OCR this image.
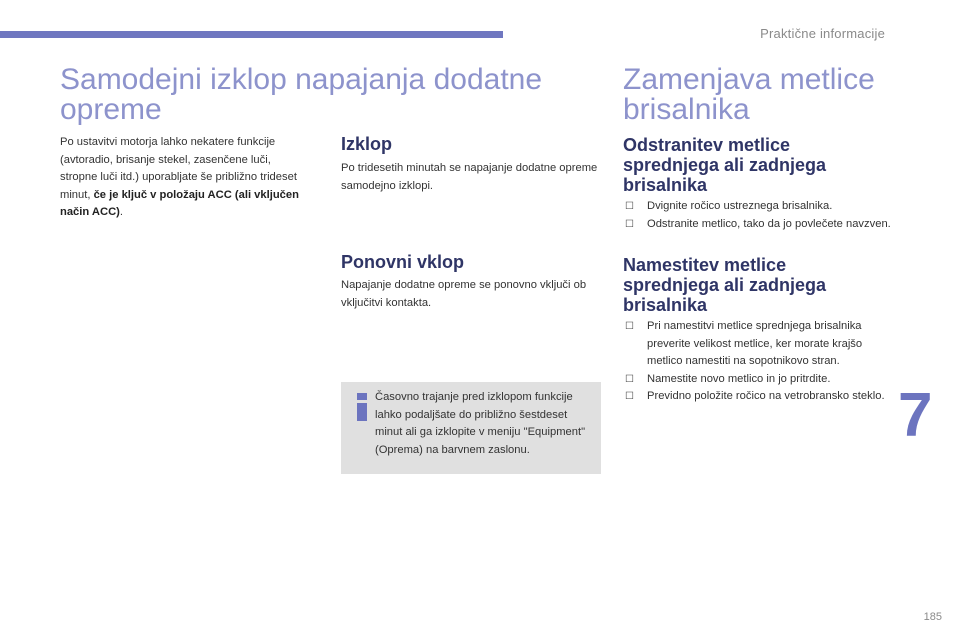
Praktične informacije
Samodejni izklop napajanja dodatne opreme
Po ustavitvi motorja lahko nekatere funkcije (avtoradio, brisanje stekel, zasenčene luči, stropne luči itd.) uporabljate še približno trideset minut, če je ključ v položaju ACC (ali vključen način ACC).
Izklop
Po tridesetih minutah se napajanje dodatne opreme samodejno izklopi.
Ponovni vklop
Napajanje dodatne opreme se ponovno vključi ob vključitvi kontakta.
Časovno trajanje pred izklopom funkcije lahko podaljšate do približno šestdeset minut ali ga izklopite v meniju "Equipment" (Oprema) na barvnem zaslonu.
Zamenjava metlice brisalnika
Odstranitev metlice sprednjega ali zadnjega brisalnika
☐ Dvignite ročico ustreznega brisalnika.
☐ Odstranite metlico, tako da jo povlečete navzven.
Namestitev metlice sprednjega ali zadnjega brisalnika
☐ Pri namestitvi metlice sprednjega brisalnika preverite velikost metlice, ker morate krajšo metlico namestiti na sopotnikovo stran.
☐ Namestite novo metlico in jo pritrdite.
☐ Previdno položite ročico na vetrobransko steklo. 7
185
